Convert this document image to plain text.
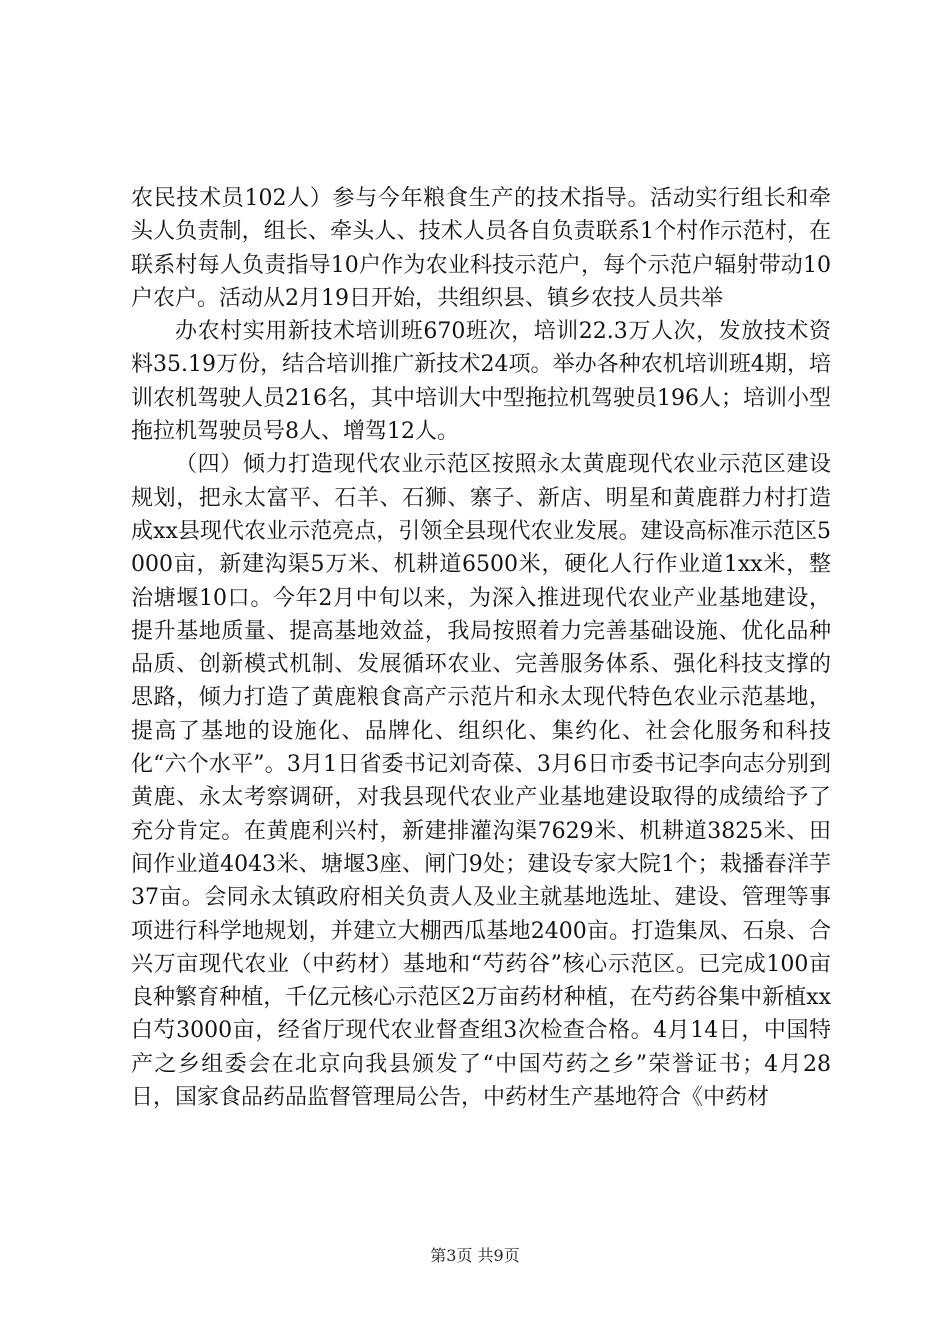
农民技术员102人）参与今年粮食生产的技术指导。活动实行组长和牵头人负责制，组长、牵头人、技术人员各自负责联系1个村作示范村，在联系村每人负责指导10户作为农业科技示范户，每个示范户辐射带动10户农户。活动从2月19日开始，共组织县、镇乡农技人员共举

办农村实用新技术培训班670班次，培训22.3万人次，发放技术资料35.19万份，结合培训推广新技术24项。举办各种农机培训班4期，培训农机驾驶人员216名，其中培训大中型拖拉机驾驶员196人；培训小型拖拉机驾驶员号8人、增驾12人。

（四）倾力打造现代农业示范区按照永太黄鹿现代农业示范区建设规划，把永太富平、石羊、石狮、寨子、新店、明星和黄鹿群力村打造成xx县现代农业示范亮点，引领全县现代农业发展。建设高标准示范区5000亩，新建沟渠5万米、机耕道6500米，硬化人行作业道1xx米，整治塘堰10口。今年2月中旬以来，为深入推进现代农业产业基地建设，提升基地质量、提高基地效益，我局按照着力完善基础设施、优化品种品质、创新模式机制、发展循环农业、完善服务体系、强化科技支撑的思路，倾力打造了黄鹿粮食高产示范片和永太现代特色农业示范基地，提高了基地的设施化、品牌化、组织化、集约化、社会化服务和科技化“六个水平”。3月1日省委书记刘奇葆、3月6日市委书记李向志分别到黄鹿、永太考察调研，对我县现代农业产业基地建设取得的成绩给予了充分肯定。在黄鹿利兴村，新建排灌沟渠7629米、机耕道3825米、田间作业道4043米、塘堰3座、闸门9处；建设专家大院1个；栽播春洋芋37亩。会同永太镇政府相关负责人及业主就基地选址、建设、管理等事项进行科学地规划，并建立大棚西瓜基地2400亩。打造集凤、石泉、合兴万亩现代农业（中药材）基地和“芍药谷”核心示范区。已完成100亩良种繁育种植，千亿元核心示范区2万亩药材种植，在芍药谷集中新植xx白芍3000亩，经省厅现代农业督查组3次检查合格。4月14日，中国特产之乡组委会在北京向我县颁发了“中国芍药之乡”荣誉证书；4月28日，国家食品药品监督管理局公告，中药材生产基地符合《中药材

第3页 共9页
